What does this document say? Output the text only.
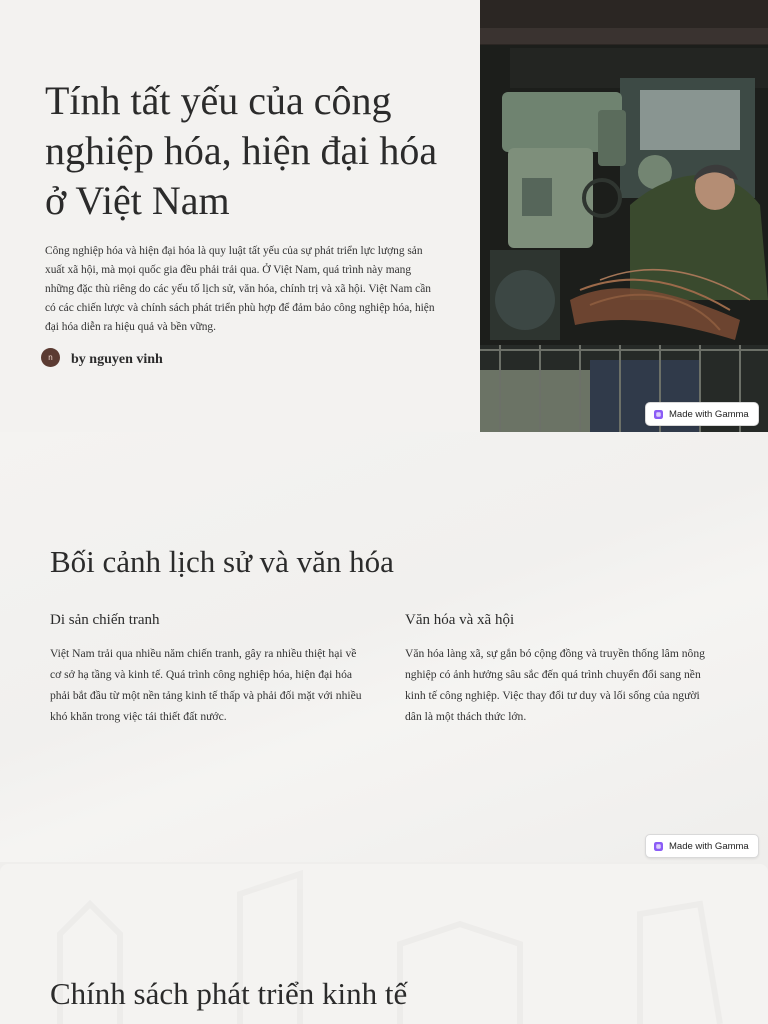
Tính tất yếu của công nghiệp hóa, hiện đại hóa ở Việt Nam

Công nghiệp hóa và hiện đại hóa là quy luật tất yếu của sự phát triển lực lượng sản xuất xã hội, mà mọi quốc gia đều phải trải qua. Ở Việt Nam, quá trình này mang những đặc thù riêng do các yếu tố lịch sử, văn hóa, chính trị và xã hội. Việt Nam cần có các chiến lược và chính sách phát triển phù hợp để đảm bảo công nghiệp hóa, hiện đại hóa diễn ra hiệu quả và bền vững.

n	by nguyen vinh
Made with Gamma
Bối cảnh lịch sử và văn hóa
Di sản chiến tranh

Việt Nam trải qua nhiều năm chiến tranh, gây ra nhiều thiệt hại về cơ sở hạ tầng và kinh tế. Quá trình công nghiệp hóa, hiện đại hóa phải bắt đầu từ một nền tảng kinh tế thấp và phải đối mặt với nhiều khó khăn trong việc tái thiết đất nước.

Văn hóa và xã hội

Văn hóa làng xã, sự gắn bó cộng đồng và truyền thống lâm nông nghiệp có ảnh hưởng sâu sắc đến quá trình chuyển đổi sang nền kinh tế công nghiệp. Việc thay đổi tư duy và lối sống của người dân là một thách thức lớn.

Made with Gamma
Chính sách phát triển kinh tế
